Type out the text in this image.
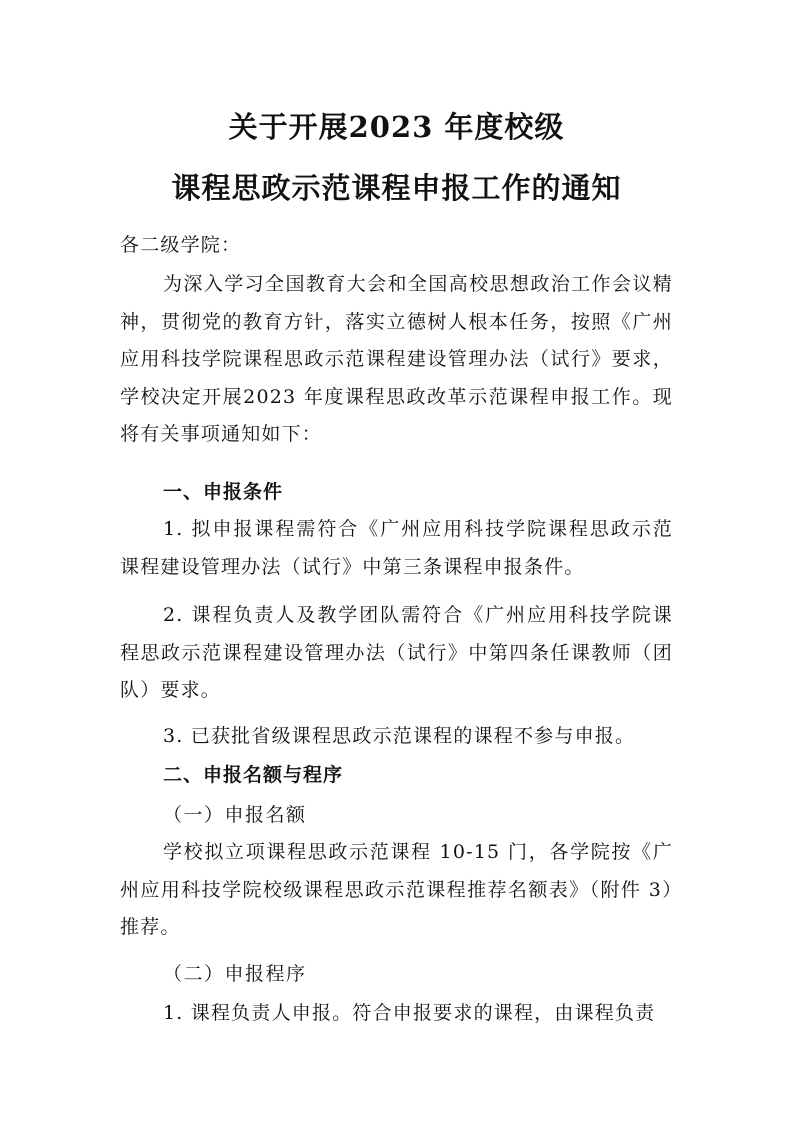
关于开展2023 年度校级
课程思政示范课程申报工作的通知
各二级学院：
为深入学习全国教育大会和全国高校思想政治工作会议精神，贯彻党的教育方针，落实立德树人根本任务，按照《广州应用科技学院课程思政示范课程建设管理办法（试行》要求，学校决定开展2023 年度课程思政改革示范课程申报工作。现将有关事项通知如下：
一、申报条件
1. 拟申报课程需符合《广州应用科技学院课程思政示范课程建设管理办法（试行》中第三条课程申报条件。
2. 课程负责人及教学团队需符合《广州应用科技学院课程思政示范课程建设管理办法（试行》中第四条任课教师（团队）要求。
3. 已获批省级课程思政示范课程的课程不参与申报。
二、申报名额与程序
（一）申报名额
学校拟立项课程思政示范课程 10-15 门，各学院按《广州应用科技学院校级课程思政示范课程推荐名额表》（附件 3）推荐。
（二）申报程序
1. 课程负责人申报。符合申报要求的课程，由课程负责
